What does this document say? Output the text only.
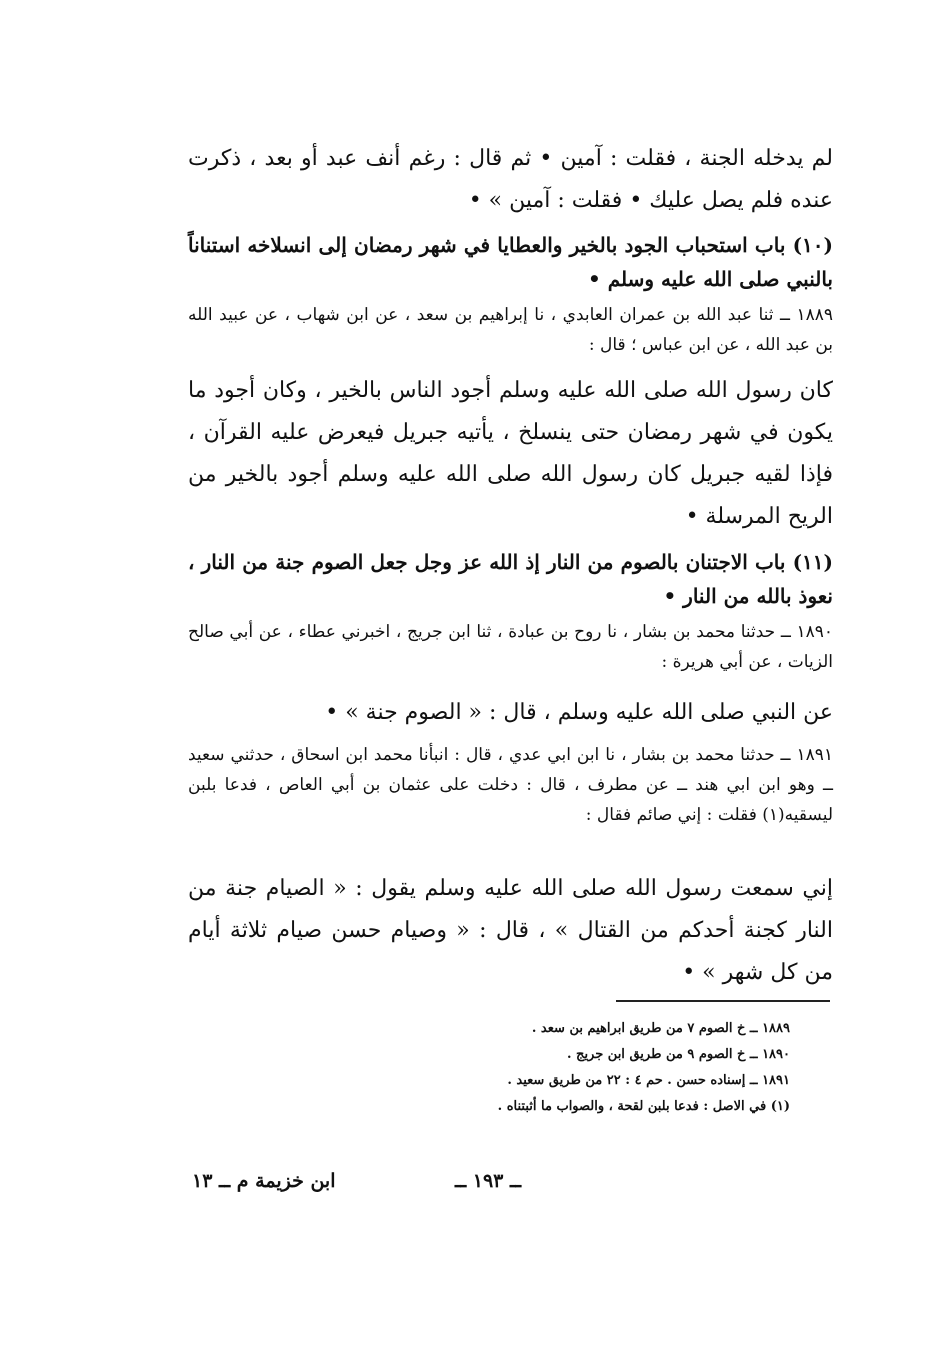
لم يدخله الجنة ، فقلت : آمين • ثم قال : رغم أنف عبد أو بعد ، ذكرت عنده فلم يصل عليك • فقلت : آمين » •

(١٠) باب استحباب الجود بالخير والعطايا في شهر رمضان إلى انسلاخه استناناً بالنبي صلى الله عليه وسلم •

١٨٨٩ ــ ثنا عبد الله بن عمران العابدي ، نا إبراهيم بن سعد ، عن ابن شهاب ، عن عبيد الله بن عبد الله ، عن ابن عباس ؛ قال :

كان رسول الله صلى الله عليه وسلم أجود الناس بالخير ، وكان أجود ما يكون في شهر رمضان حتى ينسلخ ، يأتيه جبريل فيعرض عليه القرآن ، فإذا لقيه جبريل كان رسول الله صلى الله عليه وسلم أجود بالخير من الريح المرسلة •

(١١) باب الاجتنان بالصوم من النار إذ الله عز وجل جعل الصوم جنة من النار ، نعوذ بالله من النار •

١٨٩٠ ــ حدثنا محمد بن بشار ، نا روح بن عبادة ، ثنا ابن جريج ، اخبرني عطاء ، عن أبي صالح الزيات ، عن أبي هريرة :

عن النبي صلى الله عليه وسلم ، قال : « الصوم جنة » •

١٨٩١ ــ حدثنا محمد بن بشار ، نا ابن ابي عدي ، قال : انبأنا محمد ابن اسحاق ، حدثني سعيد ــ وهو ابن ابي هند ــ عن مطرف ، قال : دخلت على عثمان بن أبي العاص ، فدعا بلبن ليسقيه(١) فقلت : إني صائم فقال :

إني سمعت رسول الله صلى الله عليه وسلم يقول : « الصيام جنة من النار كجنة أحدكم من القتال » ، قال : « وصيام حسن صيام ثلاثة أيام من كل شهر » •

١٨٨٩ ــ خ الصوم ٧ من طريق ابراهيم بن سعد .
١٨٩٠ ــ خ الصوم ٩ من طريق ابن جريج .
١٨٩١ ــ إسناده حسن . حم ٤ : ٢٢ من طريق سعيد .
(١) في الاصل : فدعا بلبن لقحة ، والصواب ما أثبتناه .
ابن خزيمة م ــ ١٣	ــ ١٩٣ ــ
